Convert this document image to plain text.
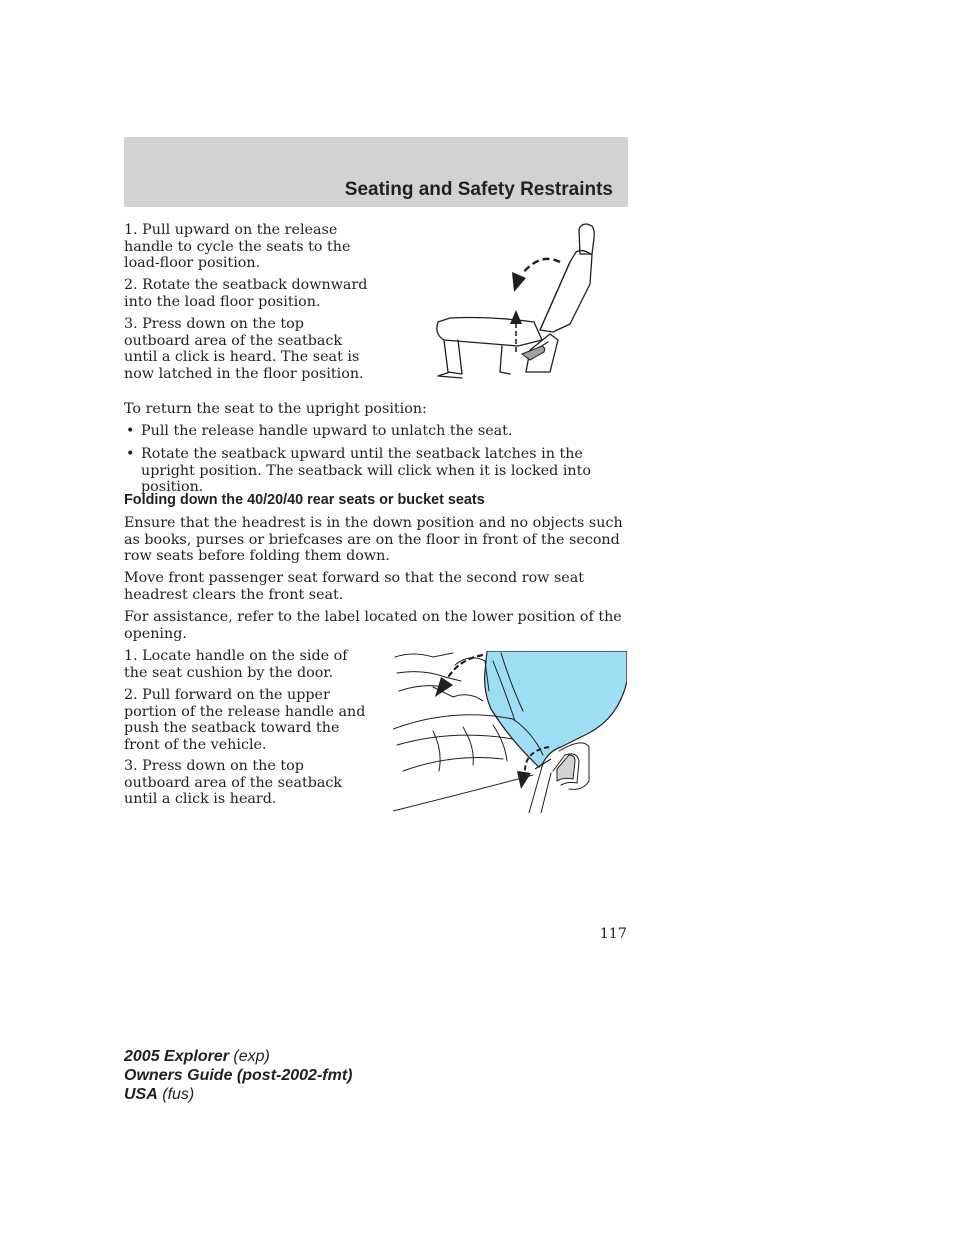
Seating and Safety Restraints

1. Pull upward on the release handle to cycle the seats to the load-floor position.

2. Rotate the seatback downward into the load floor position.

3. Press down on the top outboard area of the seatback until a click is heard. The seat is now latched in the floor position.

To return the seat to the upright position:

• Pull the release handle upward to unlatch the seat.
• Rotate the seatback upward until the seatback latches in the upright position. The seatback will click when it is locked into position.
Folding down the 40/20/40 rear seats or bucket seats

Ensure that the headrest is in the down position and no objects such as books, purses or briefcases are on the floor in front of the second row seats before folding them down.

Move front passenger seat forward so that the second row seat headrest clears the front seat.

For assistance, refer to the label located on the lower position of the opening.

1. Locate handle on the side of the seat cushion by the door.

2. Pull forward on the upper portion of the release handle and push the seatback toward the front of the vehicle.

3. Press down on the top outboard area of the seatback until a click is heard.

117

2005 Explorer (exp)
Owners Guide (post-2002-fmt)
USA (fus)
